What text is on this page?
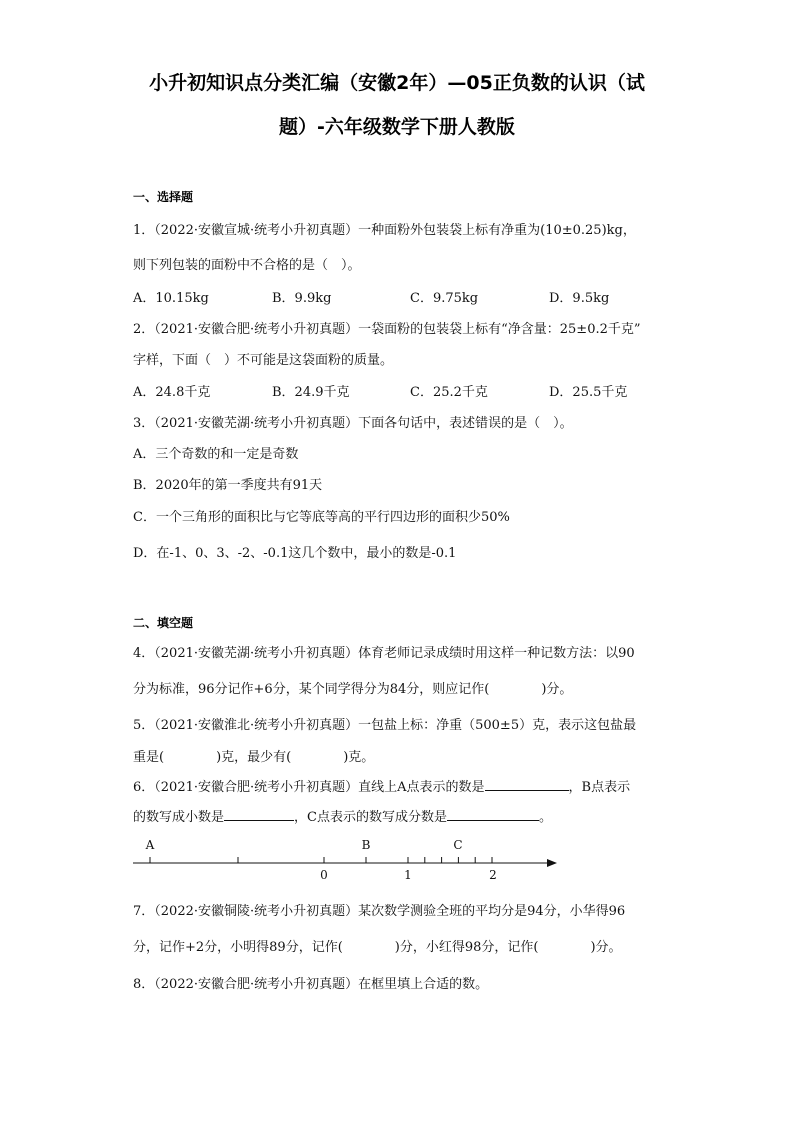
小升初知识点分类汇编（安徽2年）—05正负数的认识（试
题）-六年级数学下册人教版
一、选择题
1．（2022·安徽宣城·统考小升初真题）一种面粉外包装袋上标有净重为(10±0.25)kg，
则下列包装的面粉中不合格的是（　）。
A．10.15kg	B．9.9kg	C．9.75kg	D．9.5kg
2．（2021·安徽合肥·统考小升初真题）一袋面粉的包装袋上标有“净含量：25±0.2千克”
字样，下面（　）不可能是这袋面粉的质量。
A．24.8千克	B．24.9千克	C．25.2千克	D．25.5千克
3．（2021·安徽芜湖·统考小升初真题）下面各句话中，表述错误的是（　）。
A．三个奇数的和一定是奇数
B．2020年的第一季度共有91天
C．一个三角形的面积比与它等底等高的平行四边形的面积少50%
D．在-1、0、3、-2、-0.1这几个数中，最小的数是-0.1
二、填空题
4．（2021·安徽芜湖·统考小升初真题）体育老师记录成绩时用这样一种记数方法：以90
分为标准，96分记作+6分，某个同学得分为84分，则应记作(　　　　)分。
5．（2021·安徽淮北·统考小升初真题）一包盐上标：净重（500±5）克，表示这包盐最
重是(　　　　)克，最少有(　　　　)克。
6．（2021·安徽合肥·统考小升初真题）直线上A点表示的数是	，B点表示
的数写成小数是	，C点表示的数写成分数是	。
A	B	C
0	1	2
7．（2022·安徽铜陵·统考小升初真题）某次数学测验全班的平均分是94分，小华得96
分，记作+2分，小明得89分，记作(　　　　)分，小红得98分，记作(　　　　)分。
8．（2022·安徽合肥·统考小升初真题）在框里填上合适的数。
